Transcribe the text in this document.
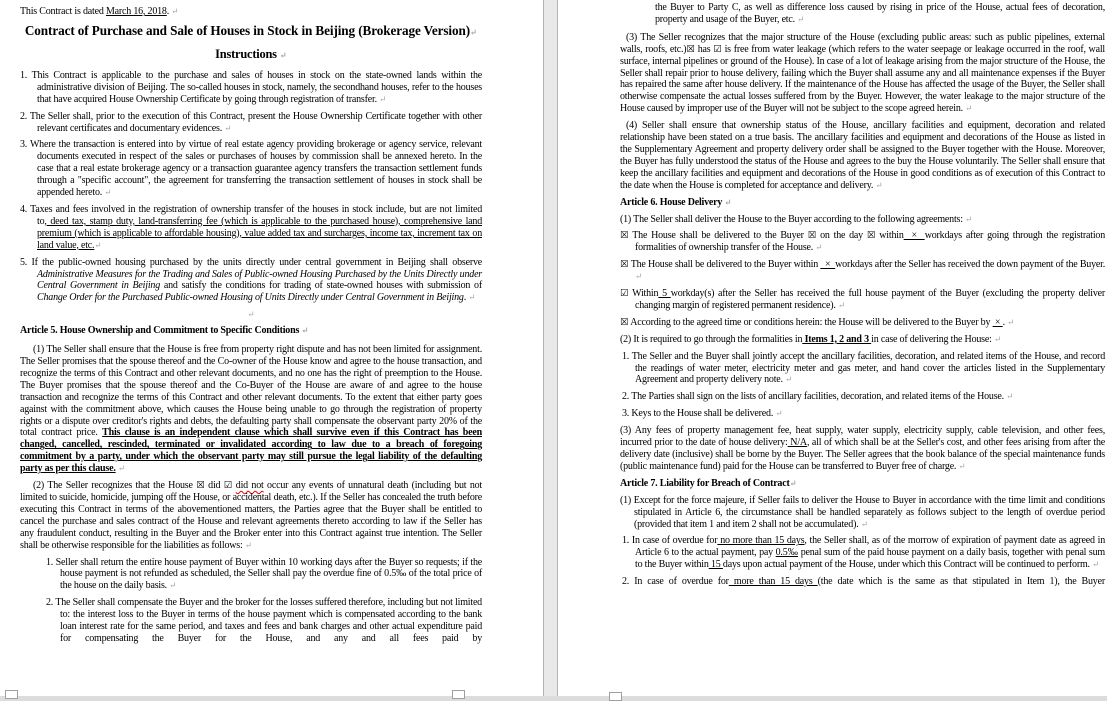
This Contract is dated March 16, 2018. ↵
Contract of Purchase and Sale of Houses in Stock in Beijing (Brokerage Version)↵
Instructions ↵
1. This Contract is applicable to the purchase and sales of houses in stock on the state-owned lands within the administrative division of Beijing. The so-called houses in stock, namely, the secondhand houses, refer to the houses that have acquired House Ownership Certificate by going through registration of transfer. ↵
2. The Seller shall, prior to the execution of this Contract, present the House Ownership Certificate together with other relevant certificates and documentary evidences. ↵
3. Where the transaction is entered into by virtue of real estate agency providing brokerage or agency service, relevant documents executed in respect of the sales or purchases of houses by commission shall be annexed hereto. In the case that a real estate brokerage agency or a transaction guarantee agency transfers the transaction settlement funds through a "specific account", the agreement for transferring the transaction settlement of houses in stock shall be appended hereto. ↵
4. Taxes and fees involved in the registration of ownership transfer of the houses in stock include, but are not limited to, deed tax, stamp duty, land-transferring fee (which is applicable to the purchased house), comprehensive land premium (which is applicable to affordable housing), value added tax and surcharges, income tax, increment tax on land value, etc.↵
5. If the public-owned housing purchased by the units directly under central government in Beijing shall observe Administrative Measures for the Trading and Sales of Public-owned Housing Purchased by the Units Directly under Central Government in Beijing and satisfy the conditions for trading of state-owned houses with submission of Change Order for the Purchased Public-owned Housing of Units Directly under Central Government in Beijing. ↵
↵
Article 5. House Ownership and Commitment to Specific Conditions ↵
(1) The Seller shall ensure that the House is free from property right dispute and has not been limited for assignment. The Seller promises that the spouse thereof and the Co-owner of the House know and agree to the house transaction, and recognize the terms of this Contract and other relevant documents, and no one has the right of preemption to the House. The Buyer promises that the spouse thereof and the Co-Buyer of the House are aware of and agree to the house transaction and recognize the terms of this Contract and other relevant documents. To the extent that either party goes against with the commitment above, which causes the House being unable to go through the registration of property rights or a dispute over creditor's rights and debts, the defaulting party shall compensate the observant party 20% of the total contract price. This clause is an independent clause which shall survive even if this Contract has been changed, cancelled, rescinded, terminated or invalidated according to law due to a breach of foregoing commitment by a party, under which the observant party may still pursue the legal liability of the defaulting party as per this clause. ↵
(2) The Seller recognizes that the House ☒ did ☑ did not occur any events of unnatural death (including but not limited to suicide, homicide, jumping off the House, or accidental death, etc.). If the Seller has concealed the truth before executing this Contract in terms of the abovementioned matters, the Parties agree that the Buyer shall be entitled to cancel the purchase and sales contract of the House and relevant agreements thereto according to law if the Seller has any fraudulent conduct, resulting in the Buyer and the Broker enter into this Contract against true intention. The Seller shall be otherwise responsible for the liabilities as follows: ↵
1. Seller shall return the entire house payment of Buyer within 10 working days after the Buyer so requests; if the house payment is not refunded as scheduled, the Seller shall pay the overdue fine of 0.5‰ of the total price of the house on the daily basis. ↵
2. The Seller shall compensate the Buyer and the broker for the losses suffered therefore, including but not limited to: the interest loss to the Buyer in terms of the house payment which is compensated according to the bank loan interest rate for the same period, and taxes and fees and bank charges and other actual expenditure paid for compensating the Buyer for the House, and any and all fees paid by
the Buyer to Party C, as well as difference loss caused by rising in price of the House, actual fees of decoration, property and usage of the Buyer, etc. ↵
(3) The Seller recognizes that the major structure of the House (excluding public areas: such as public pipelines, external walls, roofs, etc.)☒ has ☑ is free from water leakage (which refers to the water seepage or leakage occurred in the roof, wall surface, internal pipelines or ground of the House). In case of a lot of leakage arising from the major structure of the House, the Seller shall repair prior to house delivery, failing which the Buyer shall assume any and all maintenance expenses if the Buyer has repaired the same after house delivery. If the maintenance of the House has affected the usage of the Buyer, the Seller shall otherwise compensate the actual losses suffered from by the Buyer. However, the water leakage to the major structure of the House caused by improper use of the Buyer will not be subject to the scope agreed herein. ↵
(4) Seller shall ensure that ownership status of the House, ancillary facilities and equipment, decoration and related relationship have been stated on a true basis. The ancillary facilities and equipment and decorations of the House as listed in the Supplementary Agreement and property delivery order shall be assigned to the Buyer together with the House. Moreover, the Buyer has fully understood the status of the House and agrees to the buy the House voluntarily. The Seller shall ensure that keep the ancillary facilities and equipment and decorations of the House in good conditions as of execution of this Contract to the date when the House is completed for acceptance and delivery. ↵
Article 6. House Delivery ↵
(1) The Seller shall deliver the House to the Buyer according to the following agreements: ↵
☒ The House shall be delivered to the Buyer ☒ on the day ☒ within  ×  workdays after going through the registration formalities of ownership transfer of the House. ↵
☒ The House shall be delivered to the Buyer within   ×  workdays after the Seller has received the down payment of the Buyer. ↵
☑ Within 5 workday(s) after the Seller has received the full house payment of the Buyer (excluding the property deliver changing margin of registered permanent residence). ↵
☒ According to the agreed time or conditions herein: the House will be delivered to the Buyer by  × . ↵
(2) It is required to go through the formalities in Items 1, 2 and 3 in case of delivering the House: ↵
1. The Seller and the Buyer shall jointly accept the ancillary facilities, decoration, and related items of the House, and record the readings of water meter, electricity meter and gas meter, and hand cover the articles listed in the Supplementary Agreement and property delivery note. ↵
2. The Parties shall sign on the lists of ancillary facilities, decoration, and related items of the House. ↵
3. Keys to the House shall be delivered. ↵
(3) Any fees of property management fee, heat supply, water supply, electricity supply, cable television, and other fees, incurred prior to the date of house delivery: N/A, all of which shall be at the Seller's cost, and other fees arising from after the delivery date (inclusive) shall be borne by the Buyer. The Seller agrees that the book balance of the special maintenance funds (public maintenance fund) paid for the House can be transferred to Buyer free of charge. ↵
Article 7. Liability for Breach of Contract↵
(1) Except for the force majeure, if Seller fails to deliver the House to Buyer in accordance with the time limit and conditions stipulated in Article 6, the circumstance shall be handled separately as follows subject to the length of overdue period (provided that item 1 and item 2 shall not be accumulated). ↵
1. In case of overdue for no more than 15 days, the Seller shall, as of the morrow of expiration of payment date as agreed in Article 6 to the actual payment, pay 0.5‰ penal sum of the paid house payment on a daily basis, together with penal sum to the Buyer within 15 days upon actual payment of the House, under which this Contract will be continued to perform. ↵
2. In case of overdue for more than 15 days (the date which is the same as that stipulated in Item 1), the Buyer
